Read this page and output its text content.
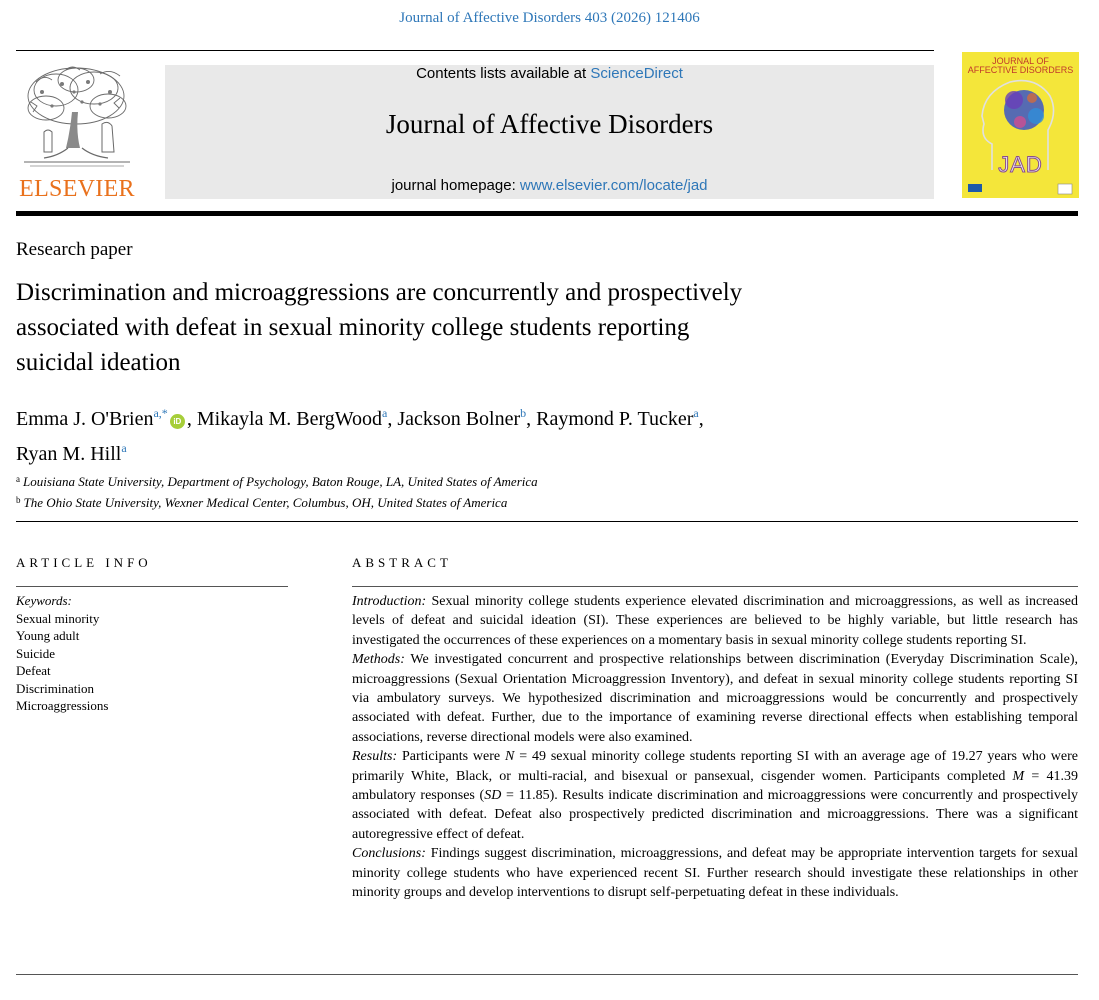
Journal of Affective Disorders 403 (2026) 121406
ELSEVIER
Contents lists available at ScienceDirect
Journal of Affective Disorders
journal homepage: www.elsevier.com/locate/jad
JOURNAL OF
AFFECTIVE DISORDERS
JAD
Research paper
Discrimination and microaggressions are concurrently and prospectively
associated with defeat in sexual minority college students reporting
suicidal ideation
Emma J. O'Brien$^{a,*}$iD , Mikayla M. BergWood$^a$, Jackson Bolner$^b$, Raymond P. Tucker$^a$,
Ryan M. Hill$^a$
$^a$ Louisiana State University, Department of Psychology, Baton Rouge, LA, United States of America
$^b$ The Ohio State University, Wexner Medical Center, Columbus, OH, United States of America
ARTICLE INFO
Keywords:
Sexual minority
Young adult
Suicide
Defeat
Discrimination
Microaggressions
ABSTRACT

Introduction: Sexual minority college students experience elevated discrimination and microaggressions, as well as increased levels of defeat and suicidal ideation (SI). These experiences are believed to be highly variable, but little research has investigated the occurrences of these experiences on a momentary basis in sexual minority college students reporting SI.

Methods: We investigated concurrent and prospective relationships between discrimination (Everyday Discrimination Scale), microaggressions (Sexual Orientation Microaggression Inventory), and defeat in sexual minority college students reporting SI via ambulatory surveys. We hypothesized discrimination and microaggressions would be concurrently and prospectively associated with defeat. Further, due to the importance of examining reverse directional effects when establishing temporal associations, reverse directional models were also examined.

Results: Participants were N = 49 sexual minority college students reporting SI with an average age of 19.27 years who were primarily White, Black, or multi-racial, and bisexual or pansexual, cisgender women. Participants completed M = 41.39 ambulatory responses (SD = 11.85). Results indicate discrimination and microaggressions were concurrently and prospectively associated with defeat. Defeat also prospectively predicted discrimination and microaggressions. There was a significant autoregressive effect of defeat.

Conclusions: Findings suggest discrimination, microaggressions, and defeat may be appropriate intervention targets for sexual minority college students who have experienced recent SI. Further research should investigate these relationships in other minority groups and develop interventions to disrupt self-perpetuating defeat in these individuals.
